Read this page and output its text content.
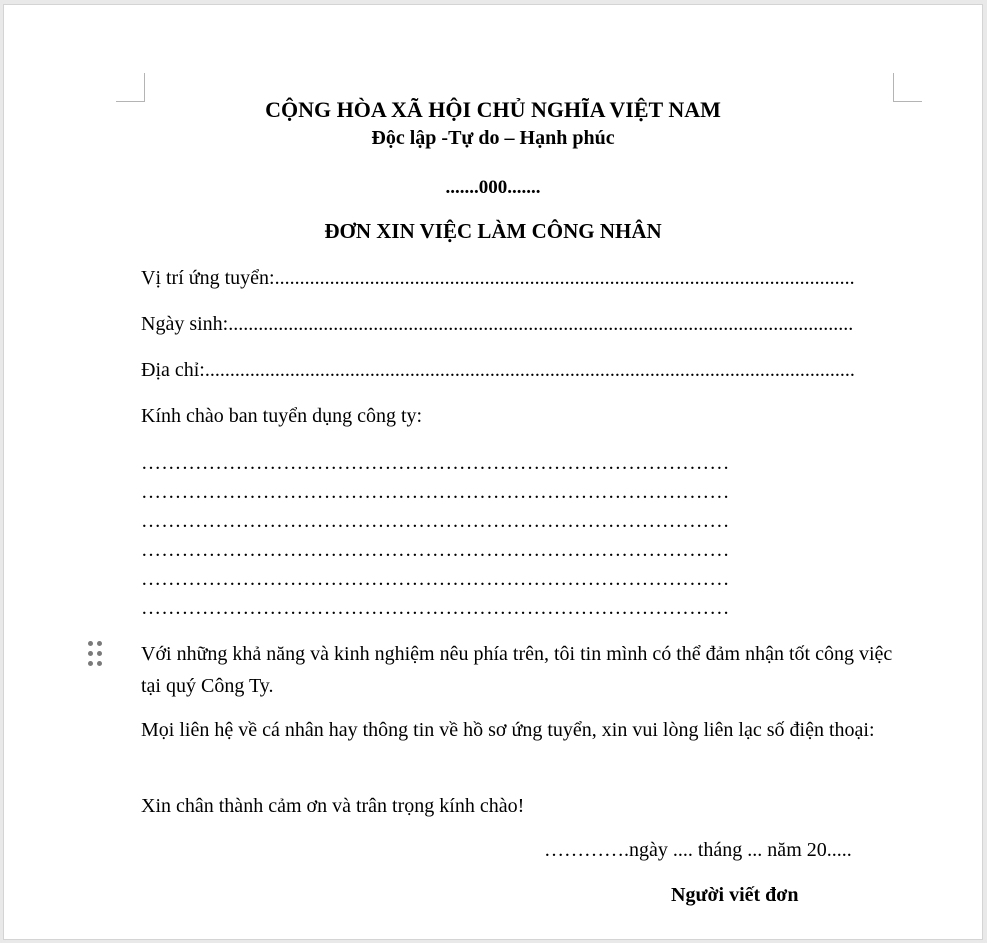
CỘNG HÒA XÃ HỘI CHỦ NGHĨA VIỆT NAM
Độc lập -Tự do – Hạnh phúc
.......000.......
ĐƠN XIN VIỆC LÀM CÔNG NHÂN
Vị trí ứng tuyển: ....................................................................................................................
Ngày sinh: .............................................................................................................................
Địa chỉ: ..................................................................................................................................
Kính chào ban tuyển dụng công ty:
……………………………………………………………………………
……………………………………………………………………………
……………………………………………………………………………
……………………………………………………………………………
……………………………………………………………………………
……………………………………………………………………………
Với những khả năng và kinh nghiệm nêu phía trên, tôi tin mình có thể đảm nhận tốt công việc tại quý Công Ty.
Mọi liên hệ về cá nhân hay thông tin về hồ sơ ứng tuyển, xin vui lòng liên lạc số điện thoại:
Xin chân thành cảm ơn và trân trọng kính chào!
………….ngày .... tháng ... năm 20.....
Người viết đơn
